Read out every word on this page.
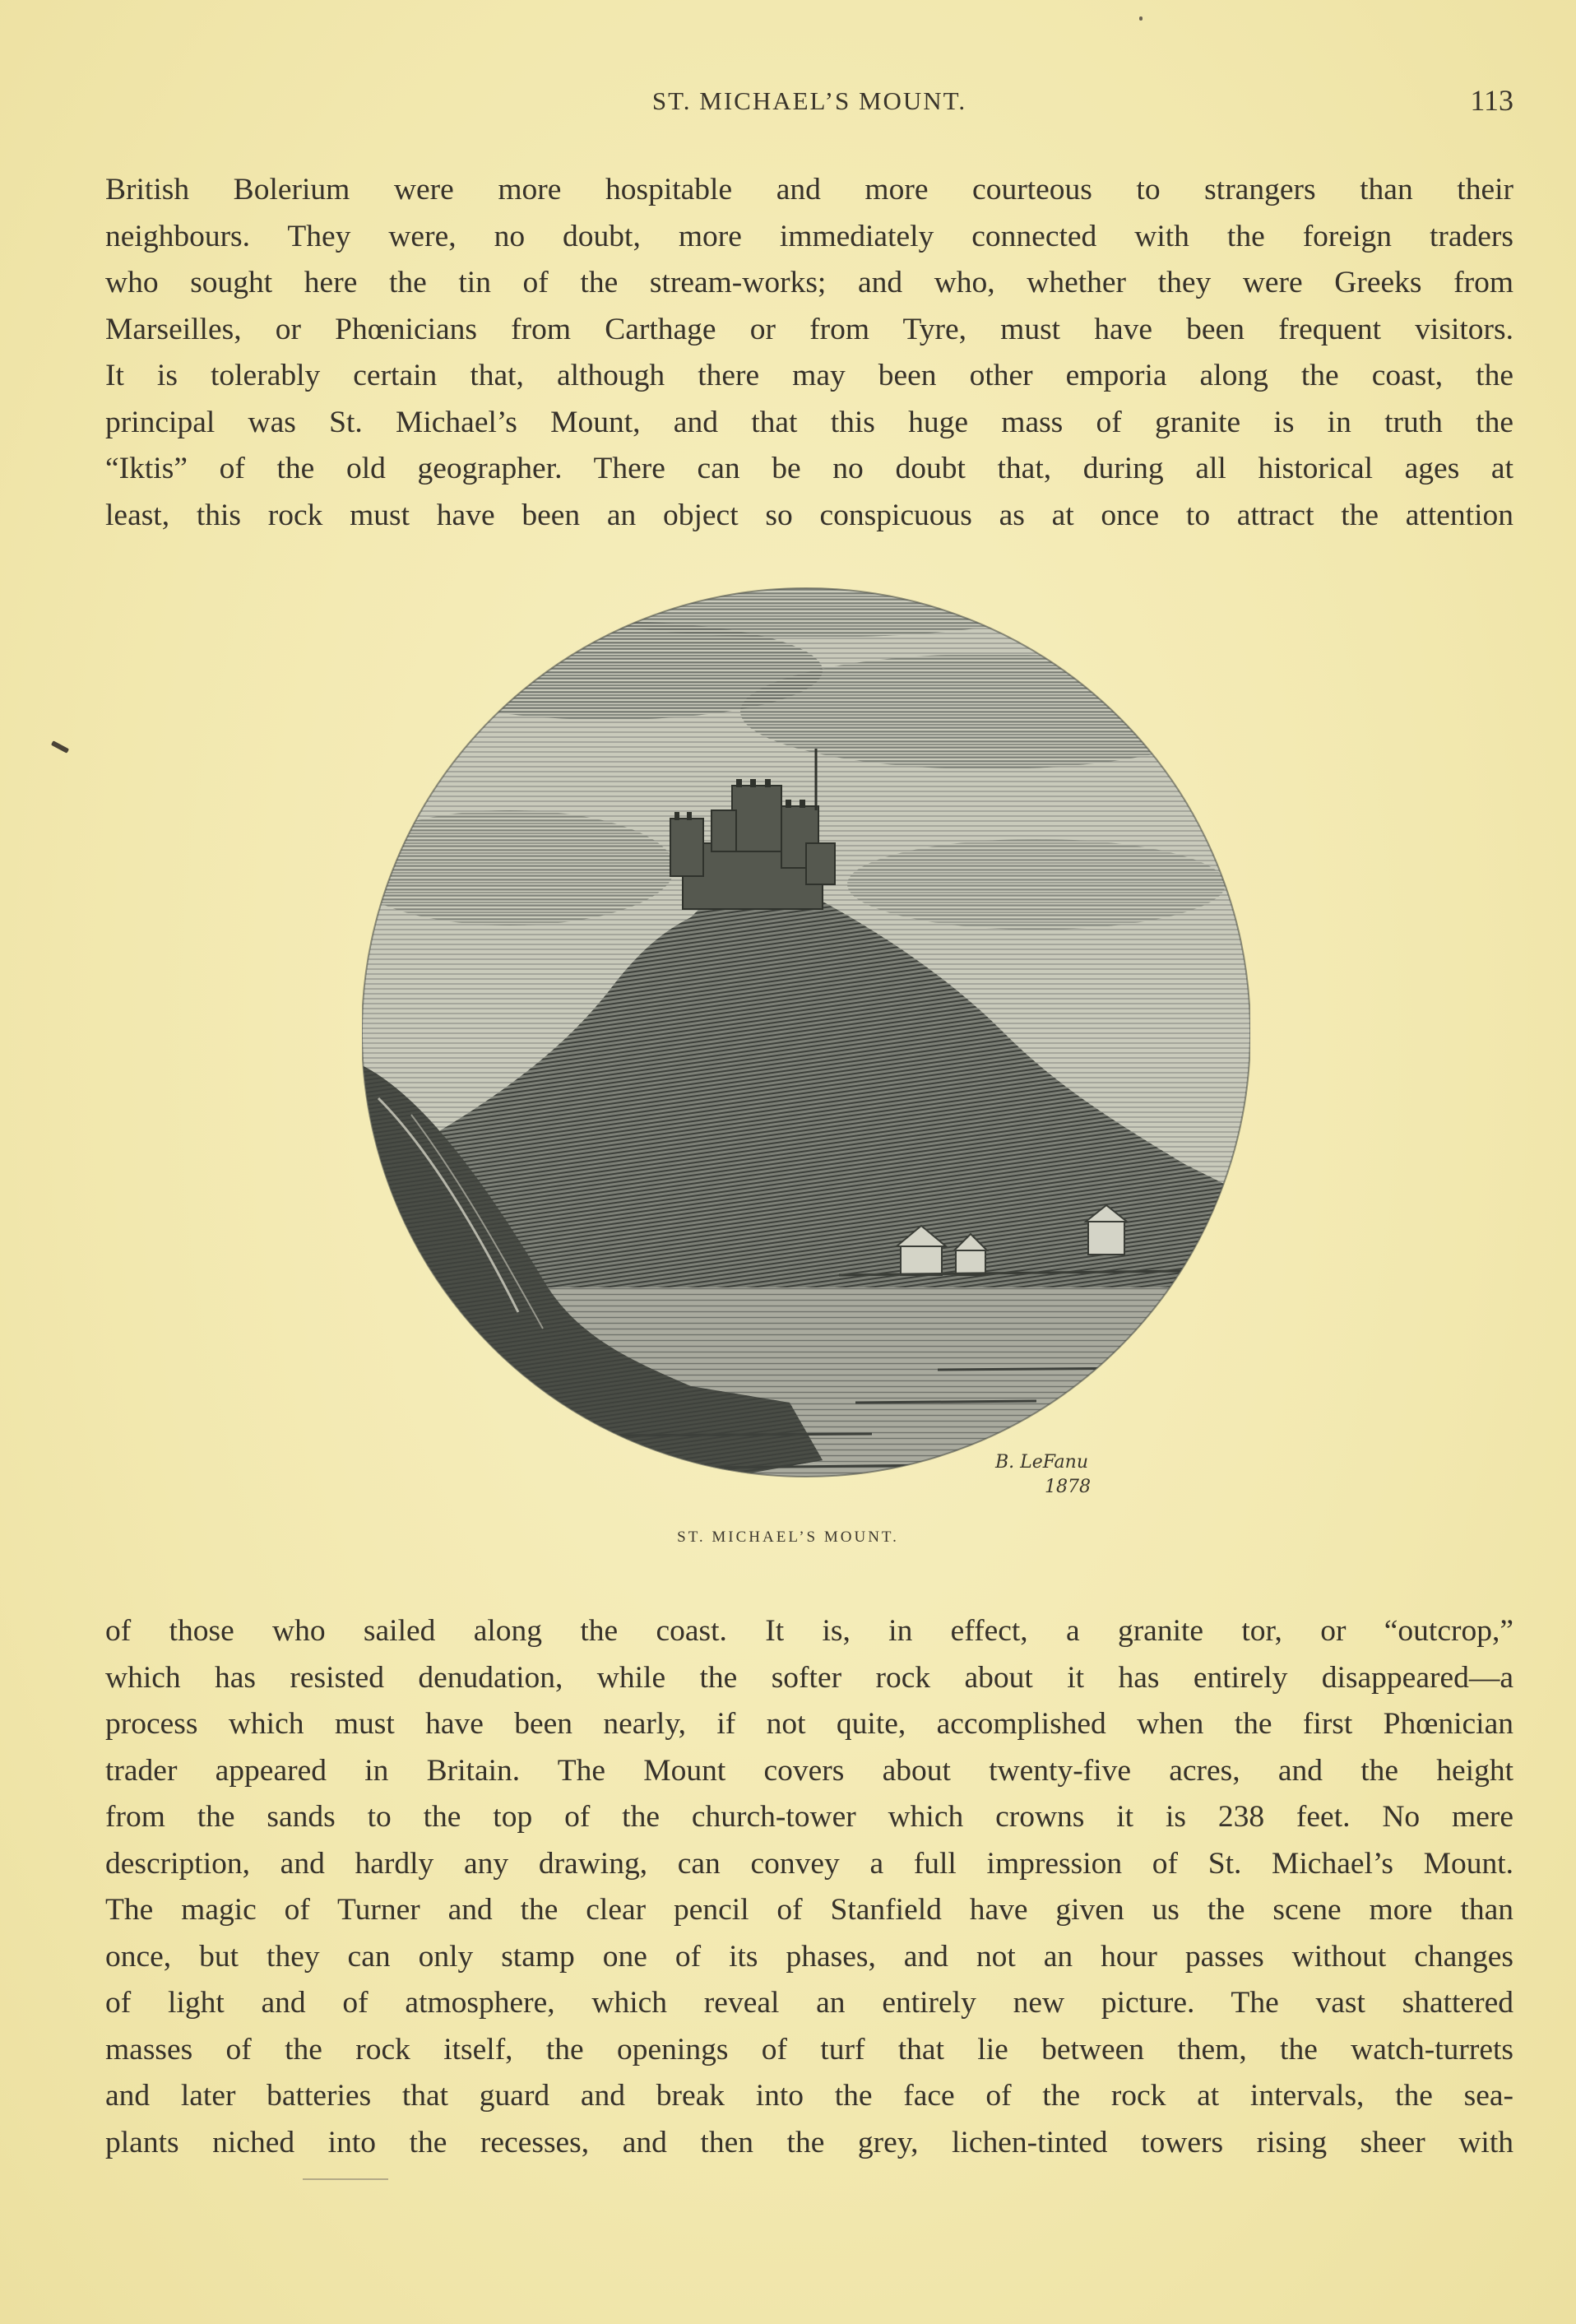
ST. MICHAEL’S MOUNT.	113
British Bolerium were more hospitable and more courteous to strangers than their
neighbours. They were, no doubt, more immediately connected with the foreign traders
who sought here the tin of the stream-works; and who, whether they were Greeks from
Marseilles, or Phœnicians from Carthage or from Tyre, must have been frequent visitors.
It is tolerably certain that, although there may been other emporia along the coast, the
principal was St. Michael’s Mount, and that this huge mass of granite is in truth the
“Iktis” of the old geographer. There can be no doubt that, during all historical ages at
least, this rock must have been an object so conspicuous as at once to attract the attention
B. LeFanu
1878
ST. MICHAEL’S MOUNT.
of those who sailed along the coast. It is, in effect, a granite tor, or “outcrop,”
which has resisted denudation, while the softer rock about it has entirely disappeared—a
process which must have been nearly, if not quite, accomplished when the first Phœnician
trader appeared in Britain. The Mount covers about twenty-five acres, and the height
from the sands to the top of the church-tower which crowns it is 238 feet. No mere
description, and hardly any drawing, can convey a full impression of St. Michael’s Mount.
The magic of Turner and the clear pencil of Stanfield have given us the scene more than
once, but they can only stamp one of its phases, and not an hour passes without changes
of light and of atmosphere, which reveal an entirely new picture. The vast shattered
masses of the rock itself, the openings of turf that lie between them, the watch-turrets
and later batteries that guard and break into the face of the rock at intervals, the sea-
plants niched into the recesses, and then the grey, lichen-tinted towers rising sheer with
